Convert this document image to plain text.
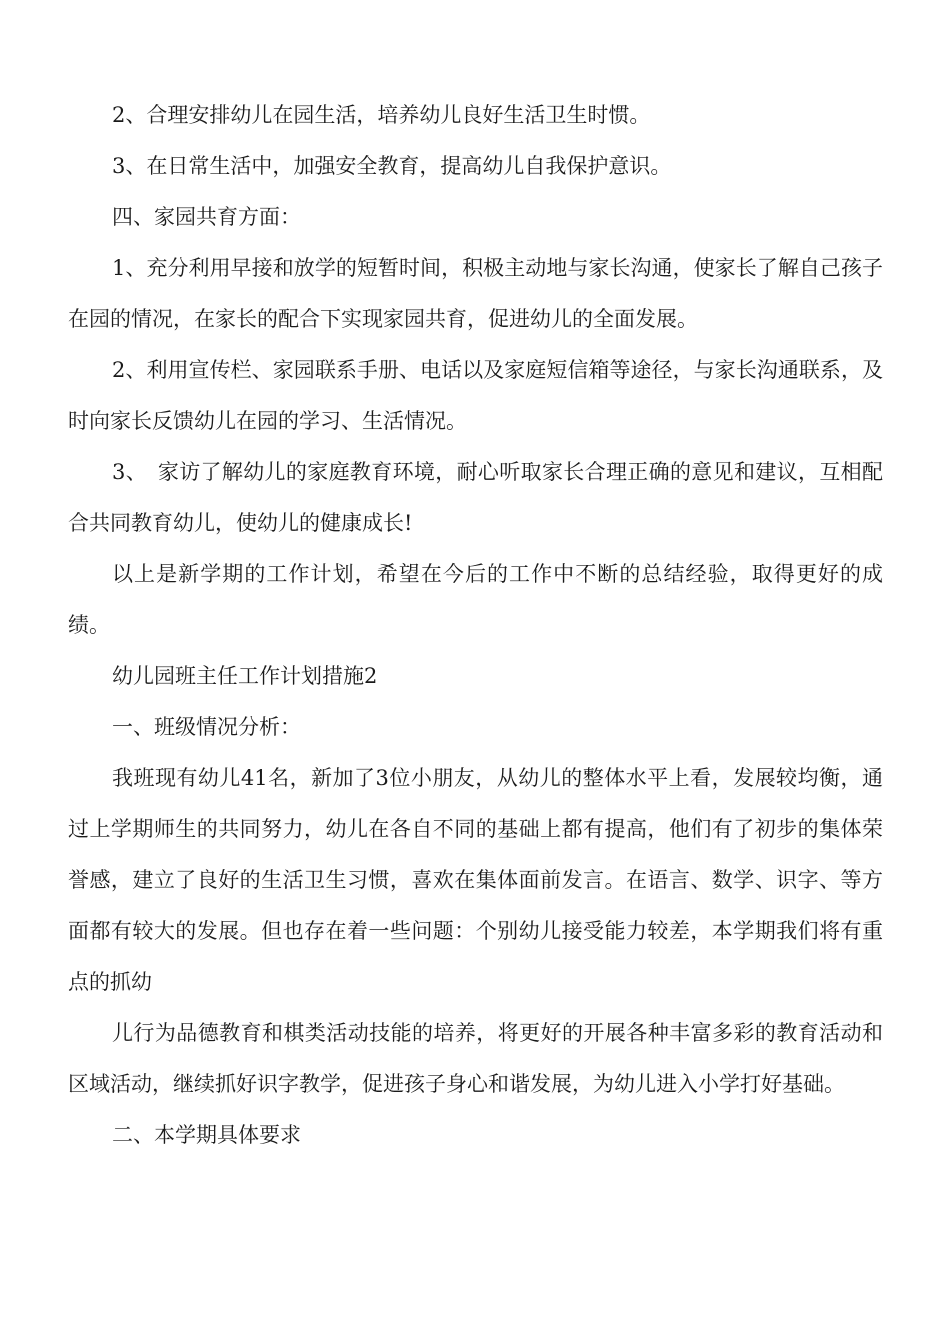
2、合理安排幼儿在园生活，培养幼儿良好生活卫生时惯。

3、在日常生活中，加强安全教育，提高幼儿自我保护意识。

四、家园共育方面：

1、充分利用早接和放学的短暂时间，积极主动地与家长沟通，使家长了解自己孩子在园的情况，在家长的配合下实现家园共育，促进幼儿的全面发展。

2、利用宣传栏、家园联系手册、电话以及家庭短信箱等途径，与家长沟通联系，及时向家长反馈幼儿在园的学习、生活情况。

3、　家访了解幼儿的家庭教育环境，耐心听取家长合理正确的意见和建议，互相配合共同教育幼儿，使幼儿的健康成长!

以上是新学期的工作计划，希望在今后的工作中不断的总结经验，取得更好的成绩。

幼儿园班主任工作计划措施2

一、班级情况分析：

我班现有幼儿41名，新加了3位小朋友，从幼儿的整体水平上看，发展较均衡，通过上学期师生的共同努力，幼儿在各自不同的基础上都有提高，他们有了初步的集体荣誉感，建立了良好的生活卫生习惯，喜欢在集体面前发言。在语言、数学、识字、等方面都有较大的发展。但也存在着一些问题：个别幼儿接受能力较差，本学期我们将有重点的抓幼

儿行为品德教育和棋类活动技能的培养，将更好的开展各种丰富多彩的教育活动和区域活动，继续抓好识字教学，促进孩子身心和谐发展，为幼儿进入小学打好基础。

二、本学期具体要求
